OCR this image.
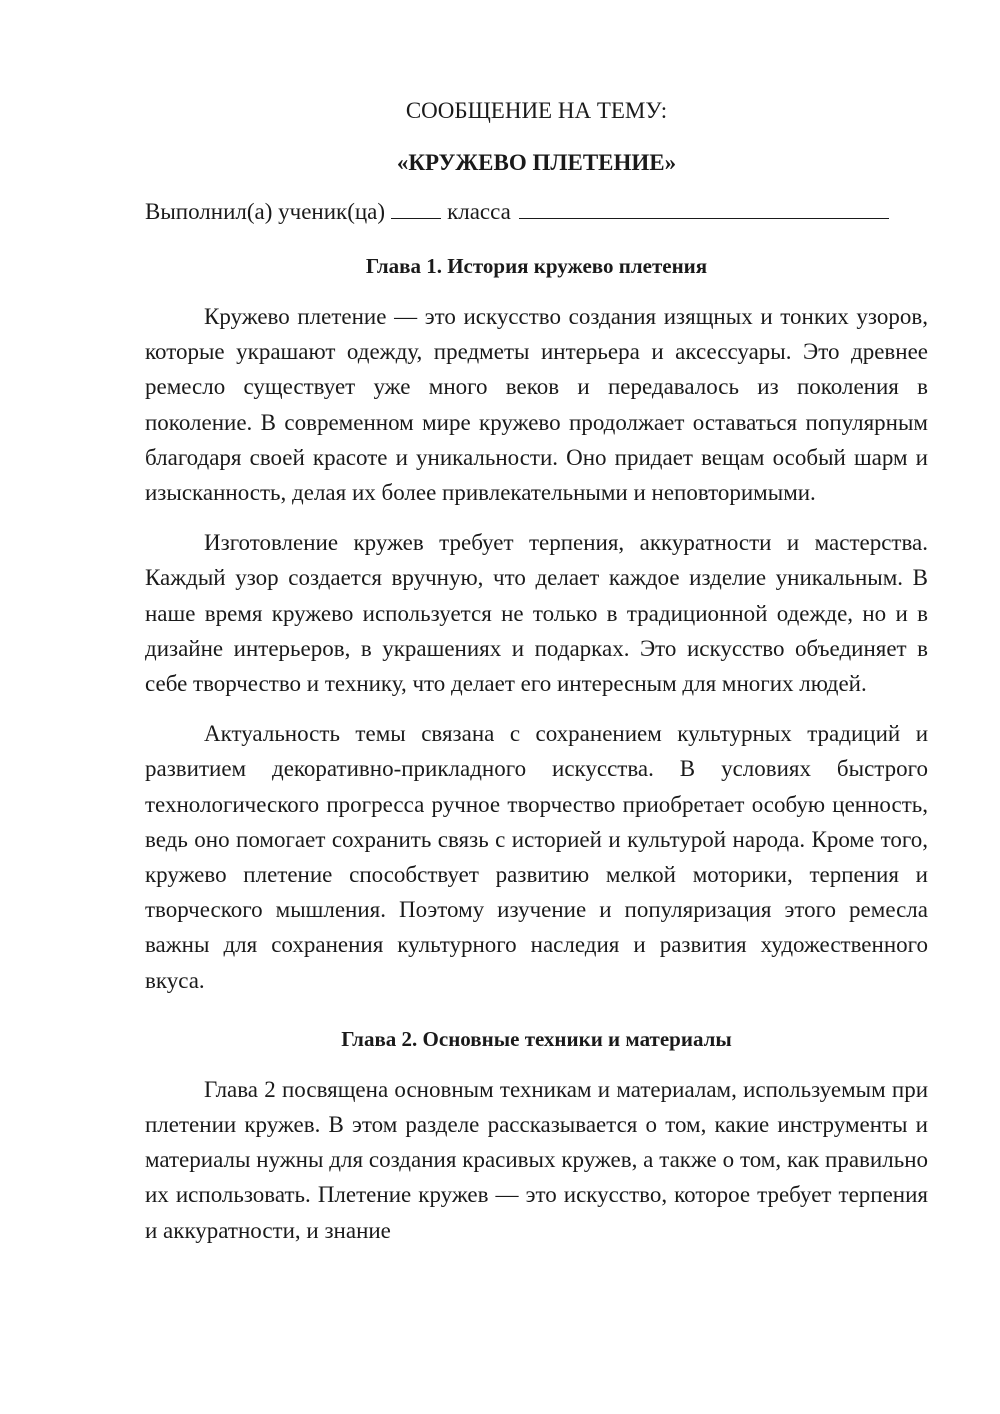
СООБЩЕНИЕ НА ТЕМУ:

«КРУЖЕВО ПЛЕТЕНИЕ»

Выполнил(а) ученик(ца)	класса

Глава 1. История кружево плетения

Кружево плетение — это искусство создания изящных и тонких узоров, которые украшают одежду, предметы интерьера и аксессуары. Это древнее ремесло существует уже много веков и передавалось из поколения в поколение. В современном мире кружево продолжает оставаться популярным благодаря своей красоте и уникальности. Оно придает вещам особый шарм и изысканность, делая их более привлекательными и неповторимыми.

Изготовление кружев требует терпения, аккуратности и мастерства. Каждый узор создается вручную, что делает каждое изделие уникальным. В наше время кружево используется не только в традиционной одежде, но и в дизайне интерьеров, в украшениях и подарках. Это искусство объединяет в себе творчество и технику, что делает его интересным для многих людей.

Актуальность темы связана с сохранением культурных традиций и развитием декоративно-прикладного искусства. В условиях быстрого технологического прогресса ручное творчество приобретает особую ценность, ведь оно помогает сохранить связь с историей и культурой народа. Кроме того, кружево плетение способствует развитию мелкой моторики, терпения и творческого мышления. Поэтому изучение и популяризация этого ремесла важны для сохранения культурного наследия и развития художественного вкуса.

Глава 2. Основные техники и материалы

Глава 2 посвящена основным техникам и материалам, используемым при плетении кружев. В этом разделе рассказывается о том, какие инструменты и материалы нужны для создания красивых кружев, а также о том, как правильно их использовать. Плетение кружев — это искусство, которое требует терпения и аккуратности, и знание
